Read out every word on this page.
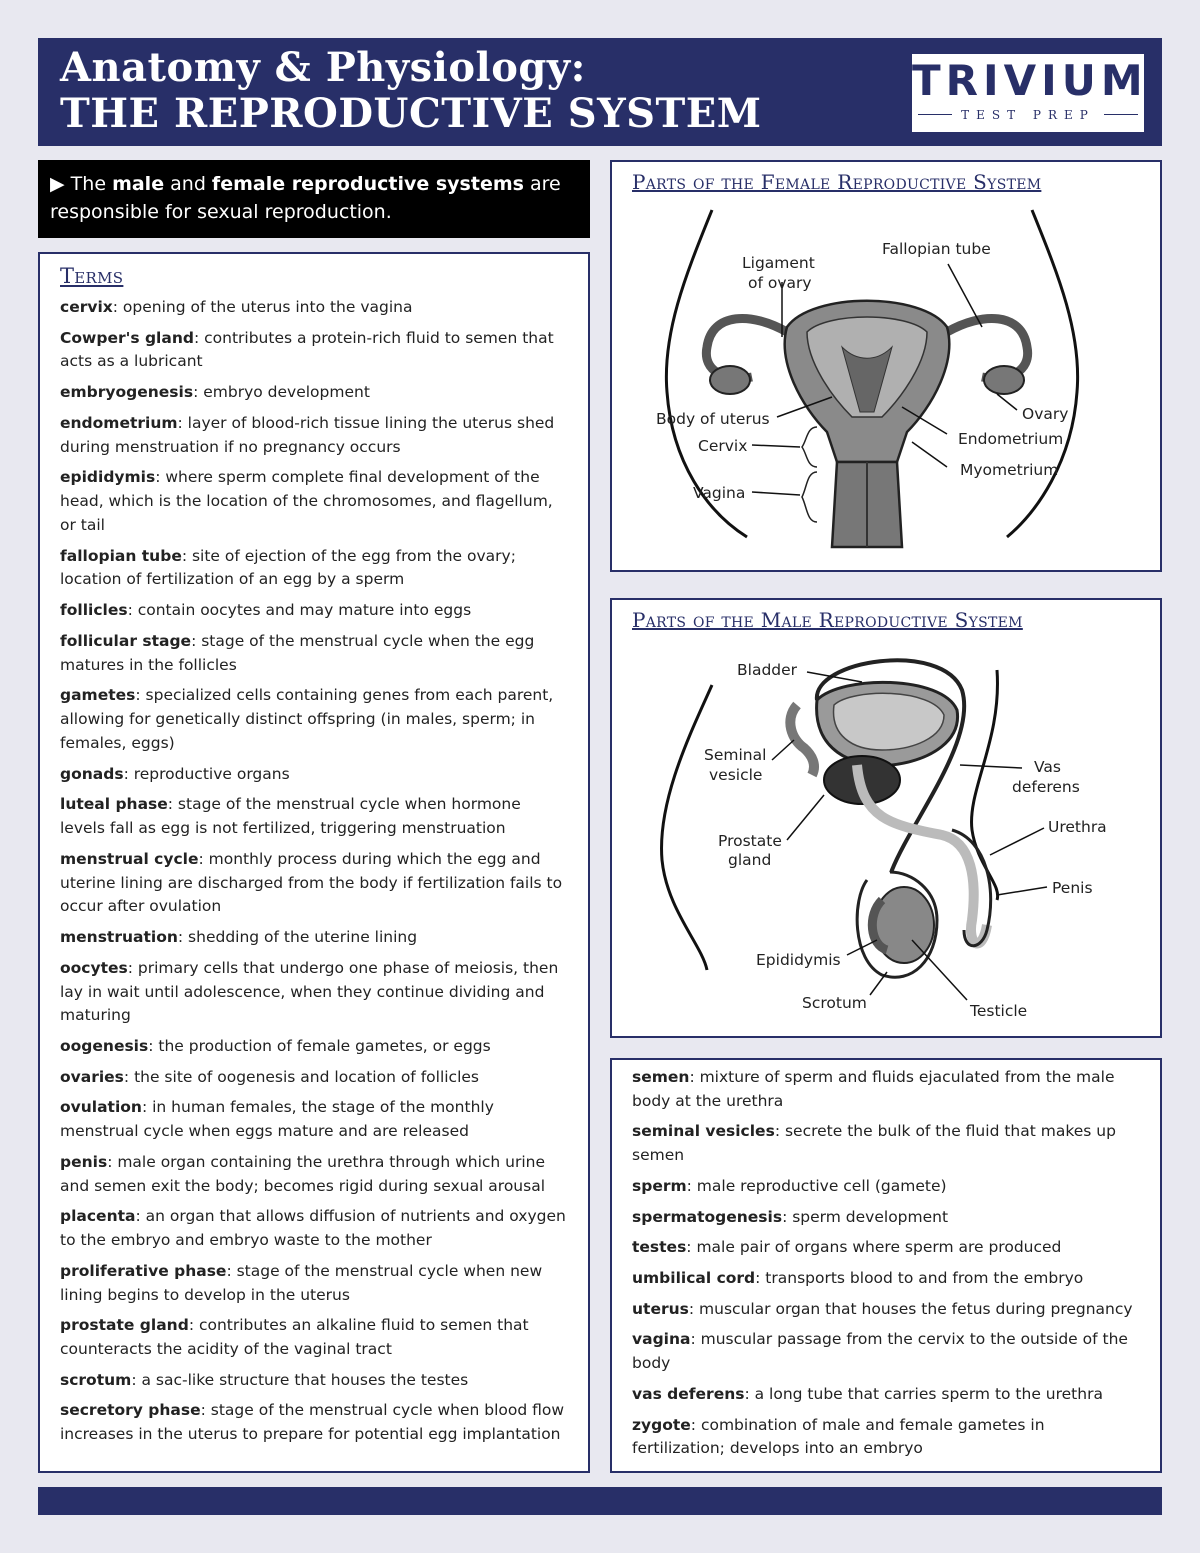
Anatomy & Physiology:
THE REPRODUCTIVE SYSTEM
TRIVIUM
TEST PREP
▶ The male and female reproductive systems are responsible for sexual reproduction.
Terms
cervix: opening of the uterus into the vagina
Cowper's gland: contributes a protein-rich fluid to semen that acts as a lubricant
embryogenesis: embryo development
endometrium: layer of blood-rich tissue lining the uterus shed during menstruation if no pregnancy occurs
epididymis: where sperm complete final development of the head, which is the location of the chromosomes, and flagellum, or tail
fallopian tube: site of ejection of the egg from the ovary; location of fertilization of an egg by a sperm
follicles: contain oocytes and may mature into eggs
follicular stage: stage of the menstrual cycle when the egg matures in the follicles
gametes: specialized cells containing genes from each parent, allowing for genetically distinct offspring (in males, sperm; in females, eggs)
gonads: reproductive organs
luteal phase: stage of the menstrual cycle when hormone levels fall as egg is not fertilized, triggering menstruation
menstrual cycle: monthly process during which the egg and uterine lining are discharged from the body if fertilization fails to occur after ovulation
menstruation: shedding of the uterine lining
oocytes: primary cells that undergo one phase of meiosis, then lay in wait until adolescence, when they continue dividing and maturing
oogenesis: the production of female gametes, or eggs
ovaries: the site of oogenesis and location of follicles
ovulation: in human females, the stage of the monthly menstrual cycle when eggs mature and are released
penis: male organ containing the urethra through which urine and semen exit the body; becomes rigid during sexual arousal
placenta: an organ that allows diffusion of nutrients and oxygen to the embryo and embryo waste to the mother
proliferative phase: stage of the menstrual cycle when new lining begins to develop in the uterus
prostate gland: contributes an alkaline fluid to semen that counteracts the acidity of the vaginal tract
scrotum: a sac-like structure that houses the testes
secretory phase: stage of the menstrual cycle when blood flow increases in the uterus to prepare for potential egg implantation
Parts of the Female Reproductive System
Ligament
of ovary
Fallopian tube
Body of uterus
Cervix
Vagina
Ovary
Endometrium
Myometrium
Parts of the Male Reproductive System
Bladder
Seminal
vesicle	Vas
deferens
Urethra
Prostate
gland
Penis
Epididymis
Scrotum	Testicle
semen: mixture of sperm and fluids ejaculated from the male body at the urethra
seminal vesicles: secrete the bulk of the fluid that makes up semen
sperm: male reproductive cell (gamete)
spermatogenesis: sperm development
testes: male pair of organs where sperm are produced
umbilical cord: transports blood to and from the embryo
uterus: muscular organ that houses the fetus during pregnancy
vagina: muscular passage from the cervix to the outside of the body
vas deferens: a long tube that carries sperm to the urethra
zygote: combination of male and female gametes in fertilization; develops into an embryo
